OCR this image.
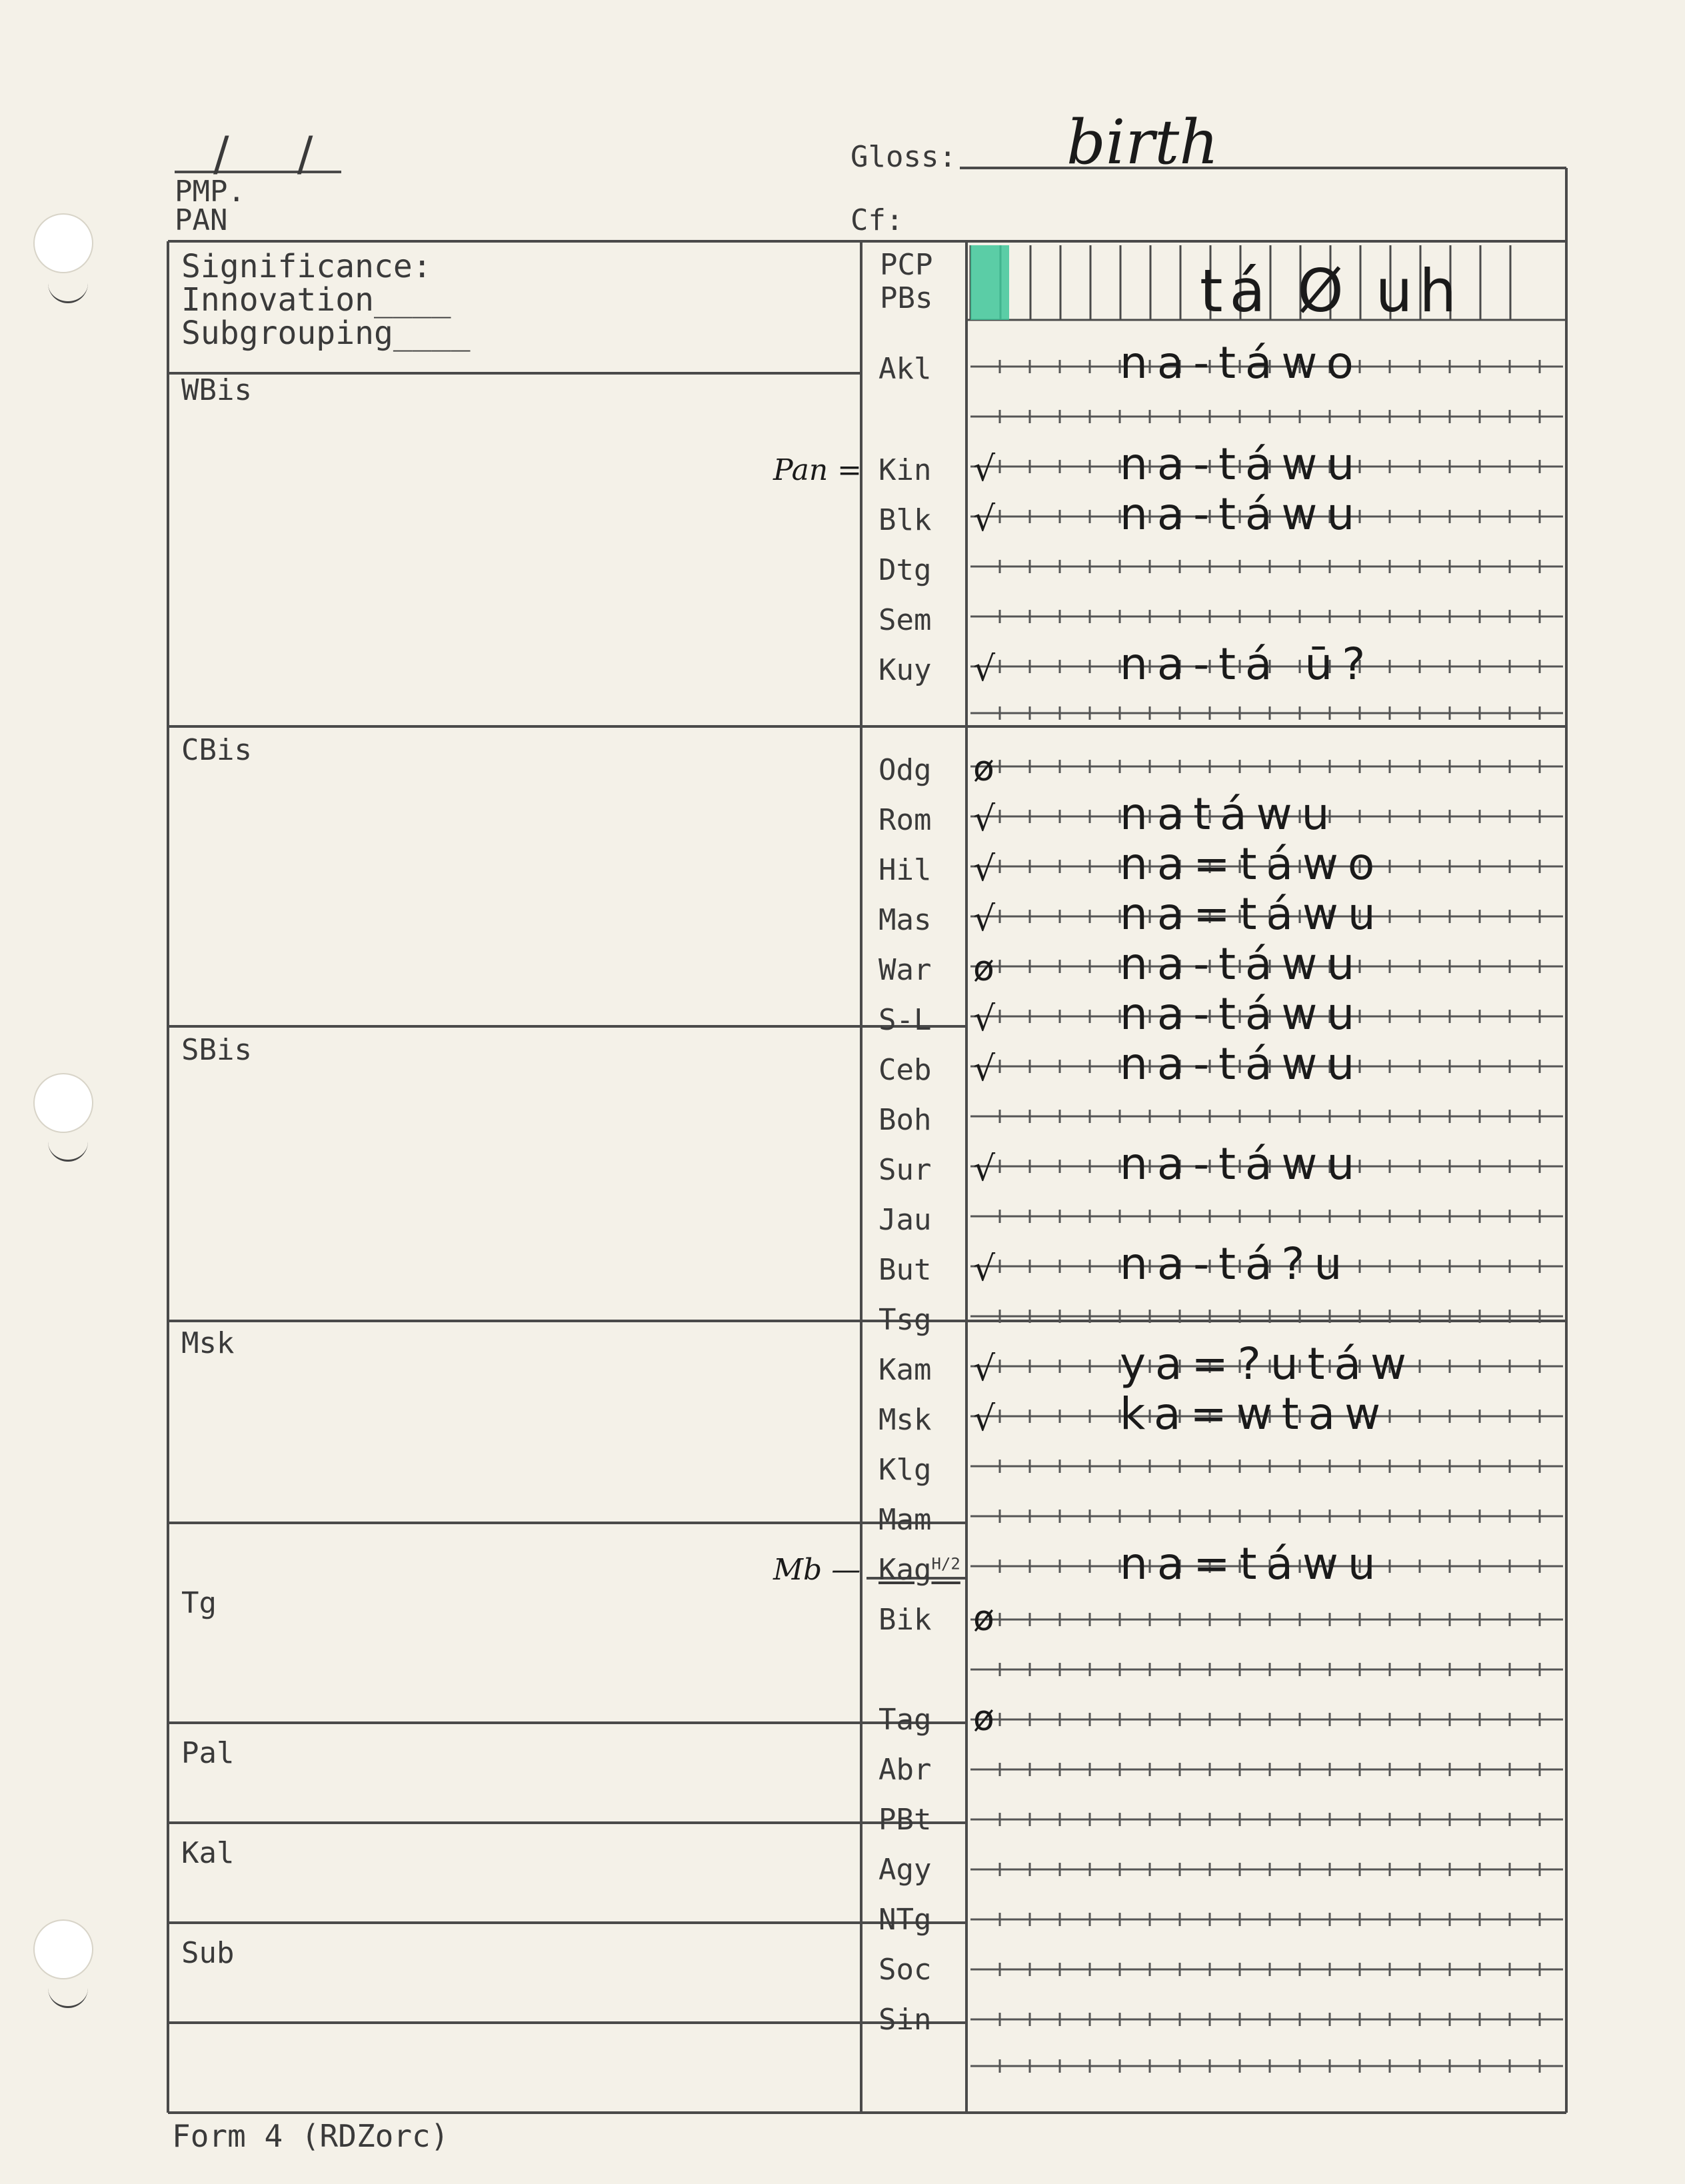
/ /
PMP.
PAN
Gloss: birth
Cf:
Significance:
Innovation____
Subgrouping____
WBis
CBis
SBis
Msk
Tg
Pal
Kal
Sub
PCP
PBs	tá Ø uh
Akl	na-táwo
Kin √	na-táwu
Pan =
Blk √	na-táwu
Dtg
Sem
Kuy √	na-tá ū?
Odg ø
Rom √	natáwu
Hil √	na=táwo
Mas √	na=táwu
War ø	na-táwu
S-L √	na-táwu
Ceb √	na-táwu
Boh
Sur √	na-táwu
Jau
But √	na-tá?u
Tsg
Kam √	ya=?utáw
Msk √	ka=wtaw
Klg
Mam
Kag$^{H/2}$	na=táwu
Mb —
Bik ø
Tag ø
Abr
PBt
Agy
NTg
Soc
Sin
Form 4 (RDZorc)
